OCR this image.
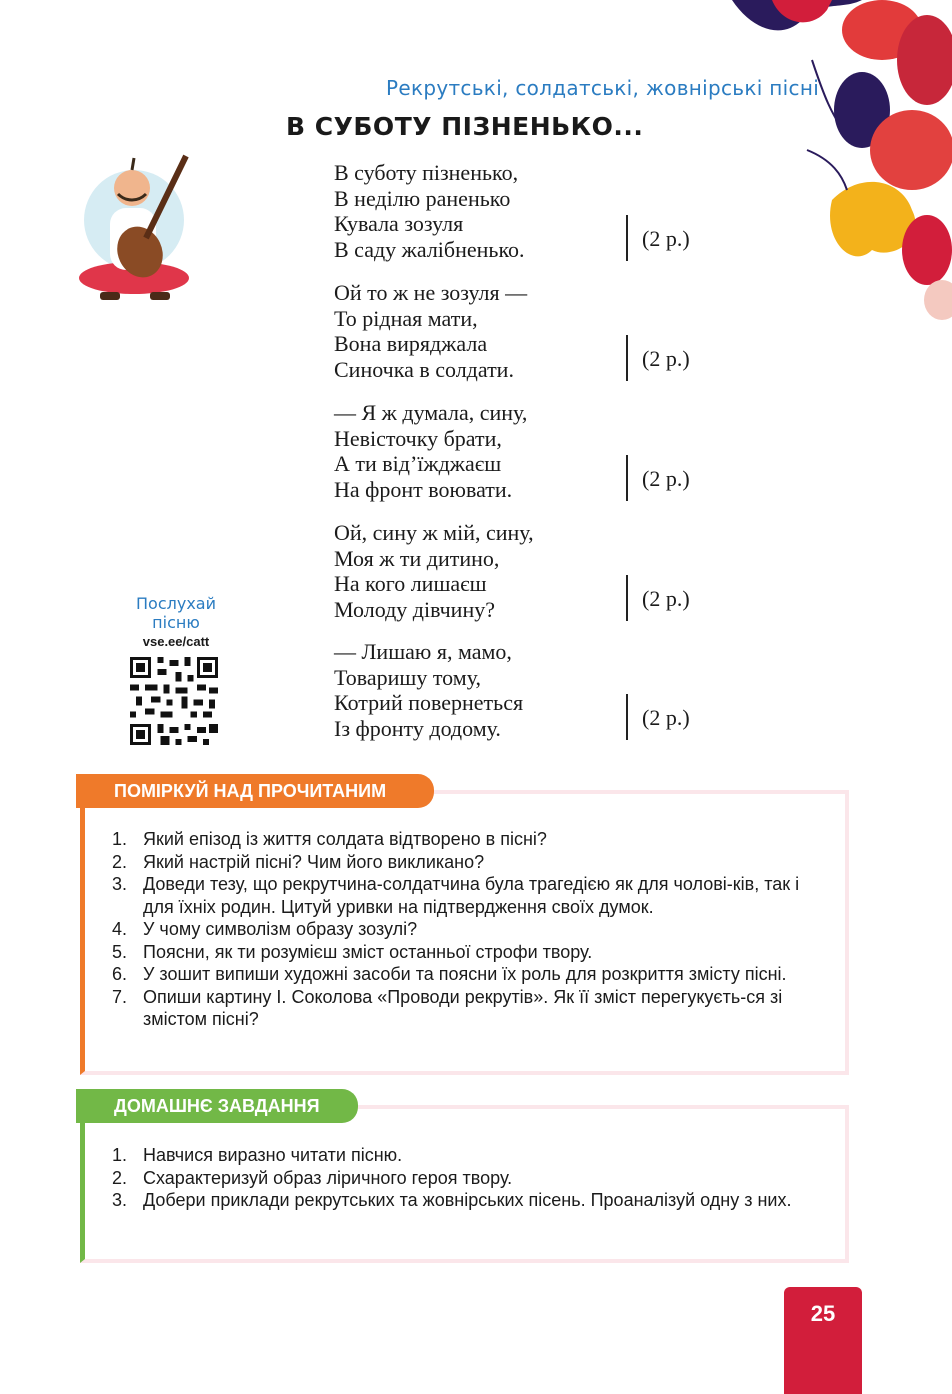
Рекрутські, солдатські, жовнірські пісні
В СУБОТУ ПІЗНЕНЬКО...
В суботу пізненько,
В неділю раненько
Кувала зозуля
В саду жалібненько.	(2 р.)
Ой то ж не зозуля —
То рідная мати,
Вона виряджала
Синочка в солдати.	(2 р.)
— Я ж думала, сину,
Невісточку брати,
А ти від’їжджаєш
На фронт воювати.	(2 р.)
Ой, сину ж мій, сину,
Моя ж ти дитино,
На кого лишаєш
Молоду дівчину?	(2 р.)
— Лишаю я, мамо,
Товаришу тому,
Котрий повернеться
Із фронту додому.	(2 р.)
Послухай
пісню
vse.ee/catt
ПОМІРКУЙ НАД ПРОЧИТАНИМ
1. Який епізод із життя солдата відтворено в пісні?
2. Який настрій пісні? Чим його викликано?
3. Доведи тезу, що рекрутчина-солдатчина була трагедією як для чолові-ків, так і для їхніх родин. Цитуй уривки на підтвердження своїх думок.
4. У чому символізм образу зозулі?
5. Поясни, як ти розумієш зміст останньої строфи твору.
6. У зошит випиши художні засоби та поясни їх роль для розкриття змісту пісні.
7. Опиши картину І. Соколова «Проводи рекрутів». Як її зміст перегукуєть-ся зі змістом пісні?
ДОМАШНЄ ЗАВДАННЯ
1. Навчися виразно читати пісню.
2. Схарактеризуй образ ліричного героя твору.
3. Добери приклади рекрутських та жовнірських пісень. Проаналізуй одну з них.
25
